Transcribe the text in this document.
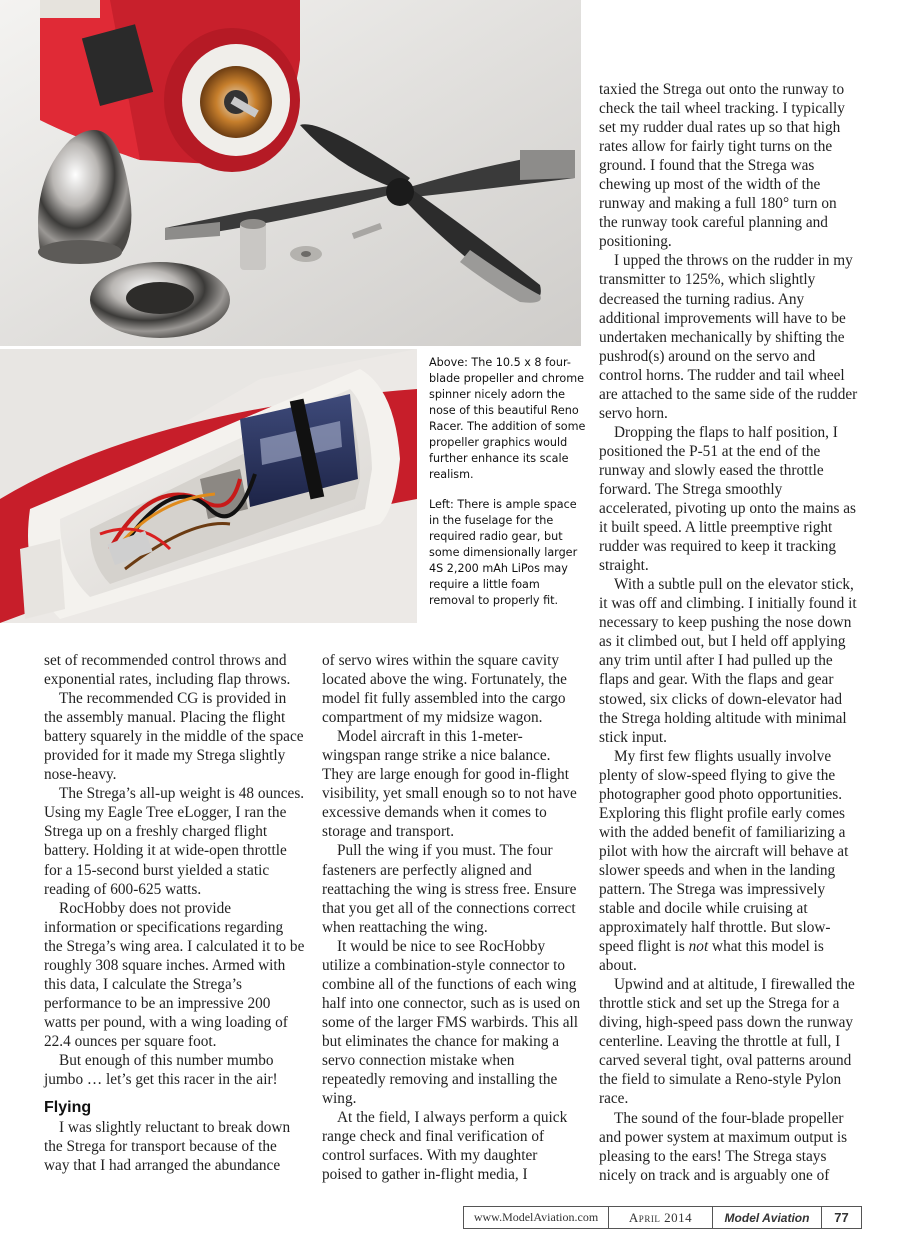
Above: The 10.5 x 8 four-blade propeller and chrome spinner nicely adorn the nose of this beautiful Reno Racer. The addition of some propeller graphics would further enhance its scale realism.

Left: There is ample space in the fuselage for the required radio gear, but some dimensionally larger 4S 2,200 mAh LiPos may require a little foam removal to properly fit.

set of recommended control throws and exponential rates, including flap throws.

The recommended CG is provided in the assembly manual. Placing the flight battery squarely in the middle of the space provided for it made my Strega slightly nose-heavy.

The Strega’s all-up weight is 48 ounces. Using my Eagle Tree eLogger, I ran the Strega up on a freshly charged flight battery. Holding it at wide-open throttle for a 15-second burst yielded a static reading of 600-625 watts.

RocHobby does not provide information or specifications regarding the Strega’s wing area. I calculated it to be roughly 308 square inches. Armed with this data, I calculate the Strega’s performance to be an impressive 200 watts per pound, with a wing loading of 22.4 ounces per square foot.

But enough of this number mumbo jumbo … let’s get this racer in the air!

Flying

I was slightly reluctant to break down the Strega for transport because of the way that I had arranged the abundance

of servo wires within the square cavity located above the wing. Fortunately, the model fit fully assembled into the cargo compartment of my midsize wagon.

Model aircraft in this 1-meter-wingspan range strike a nice balance. They are large enough for good in-flight visibility, yet small enough so to not have excessive demands when it comes to storage and transport.

Pull the wing if you must. The four fasteners are perfectly aligned and reattaching the wing is stress free. Ensure that you get all of the connections correct when reattaching the wing.

It would be nice to see RocHobby utilize a combination-style connector to combine all of the functions of each wing half into one connector, such as is used on some of the larger FMS warbirds. This all but eliminates the chance for making a servo connection mistake when repeatedly removing and installing the wing.

At the field, I always perform a quick range check and final verification of control surfaces. With my daughter poised to gather in-flight media, I

taxied the Strega out onto the runway to check the tail wheel tracking. I typically set my rudder dual rates up so that high rates allow for fairly tight turns on the ground. I found that the Strega was chewing up most of the width of the runway and making a full 180° turn on the runway took careful planning and positioning.

I upped the throws on the rudder in my transmitter to 125%, which slightly decreased the turning radius. Any additional improvements will have to be undertaken mechanically by shifting the pushrod(s) around on the servo and control horns. The rudder and tail wheel are attached to the same side of the rudder servo horn.

Dropping the flaps to half position, I positioned the P-51 at the end of the runway and slowly eased the throttle forward. The Strega smoothly accelerated, pivoting up onto the mains as it built speed. A little preemptive right rudder was required to keep it tracking straight.

With a subtle pull on the elevator stick, it was off and climbing. I initially found it necessary to keep pushing the nose down as it climbed out, but I held off applying any trim until after I had pulled up the flaps and gear. With the flaps and gear stowed, six clicks of down-elevator had the Strega holding altitude with minimal stick input.

My first few flights usually involve plenty of slow-speed flying to give the photographer good photo opportunities. Exploring this flight profile early comes with the added benefit of familiarizing a pilot with how the aircraft will behave at slower speeds and when in the landing pattern. The Strega was impressively stable and docile while cruising at approximately half throttle. But slow-speed flight is not what this model is about.

Upwind and at altitude, I firewalled the throttle stick and set up the Strega for a diving, high-speed pass down the runway centerline. Leaving the throttle at full, I carved several tight, oval patterns around the field to simulate a Reno-style Pylon race.

The sound of the four-blade propeller and power system at maximum output is pleasing to the ears! The Strega stays nicely on track and is arguably one of

www.ModelAviation.com	April 2014	Model Aviation	77
